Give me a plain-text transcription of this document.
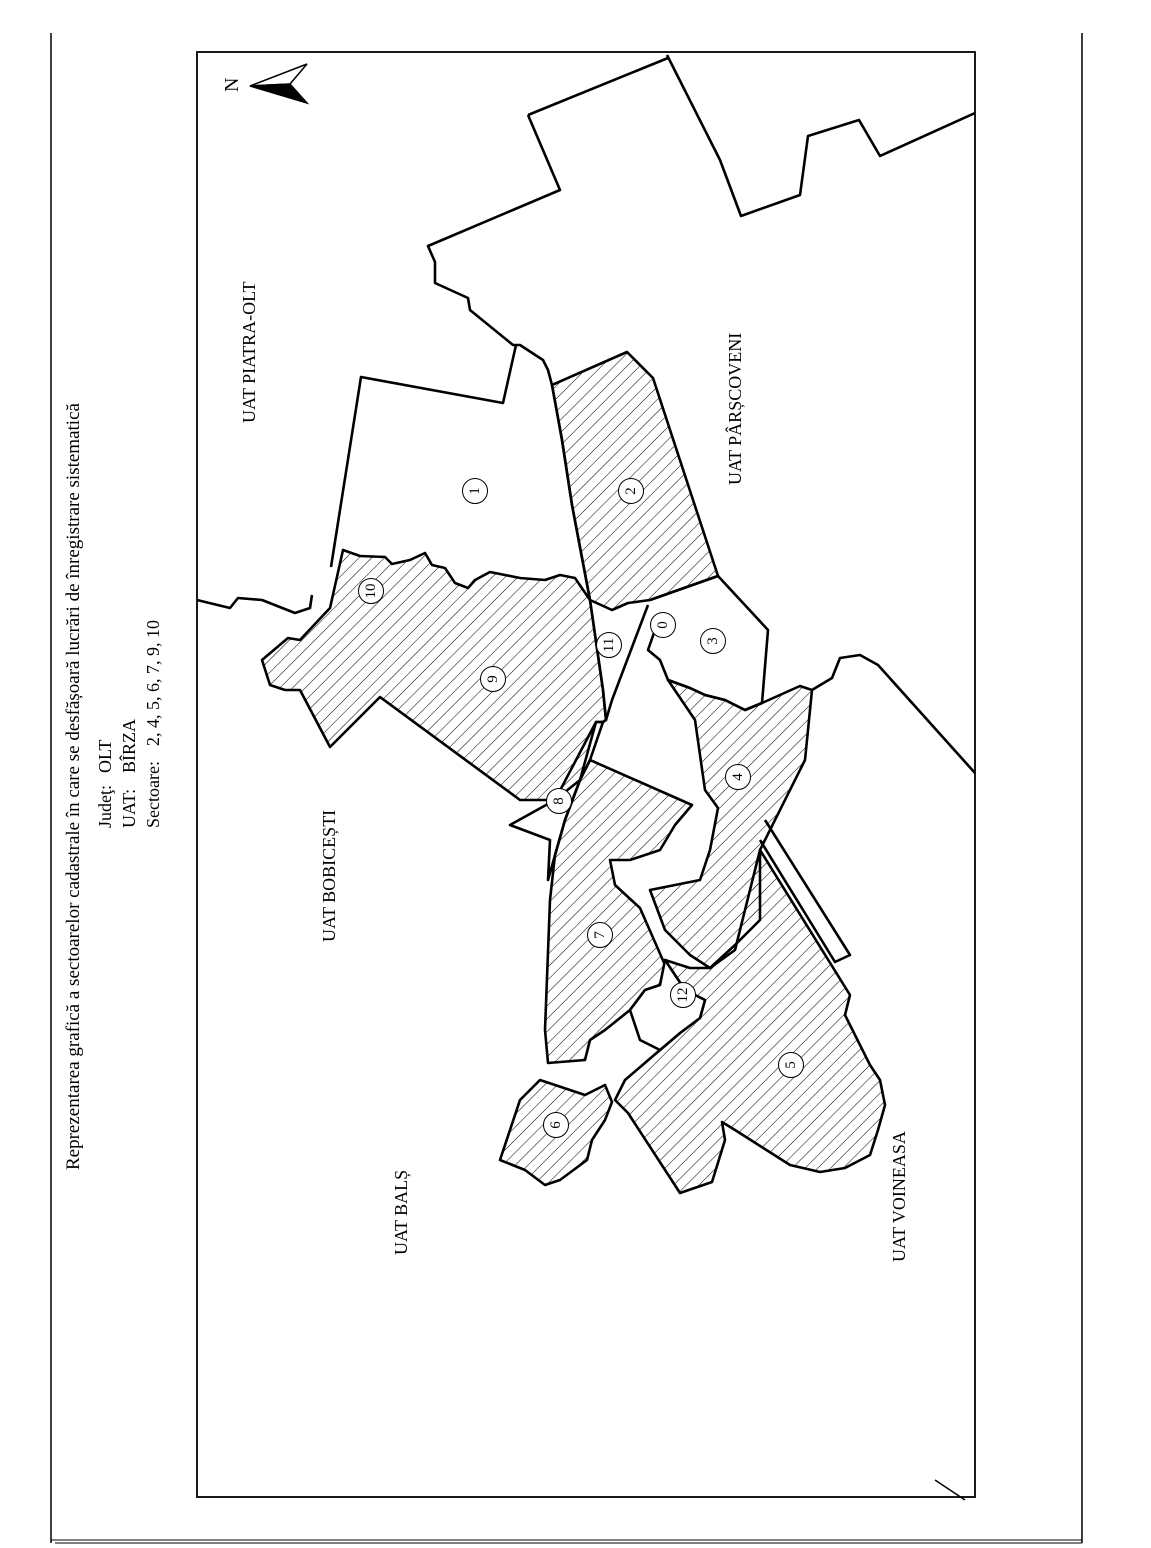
Reprezentarea grafică a sectoarelor cadastrale în care se desfășoară lucrări de înregistrare sistematică Judeţ:OLT
UAT:BÎRZA
Sectoare:2, 4, 5, 6, 7, 9, 10
N
UAT PIATRA-OLT	UAT PÂRȘCOVENI
UAT BOBICEȘTI
UAT BALȘ	UAT VOINEASA
1	2
3
0
4
5
6
7
8
9
10
11
12
